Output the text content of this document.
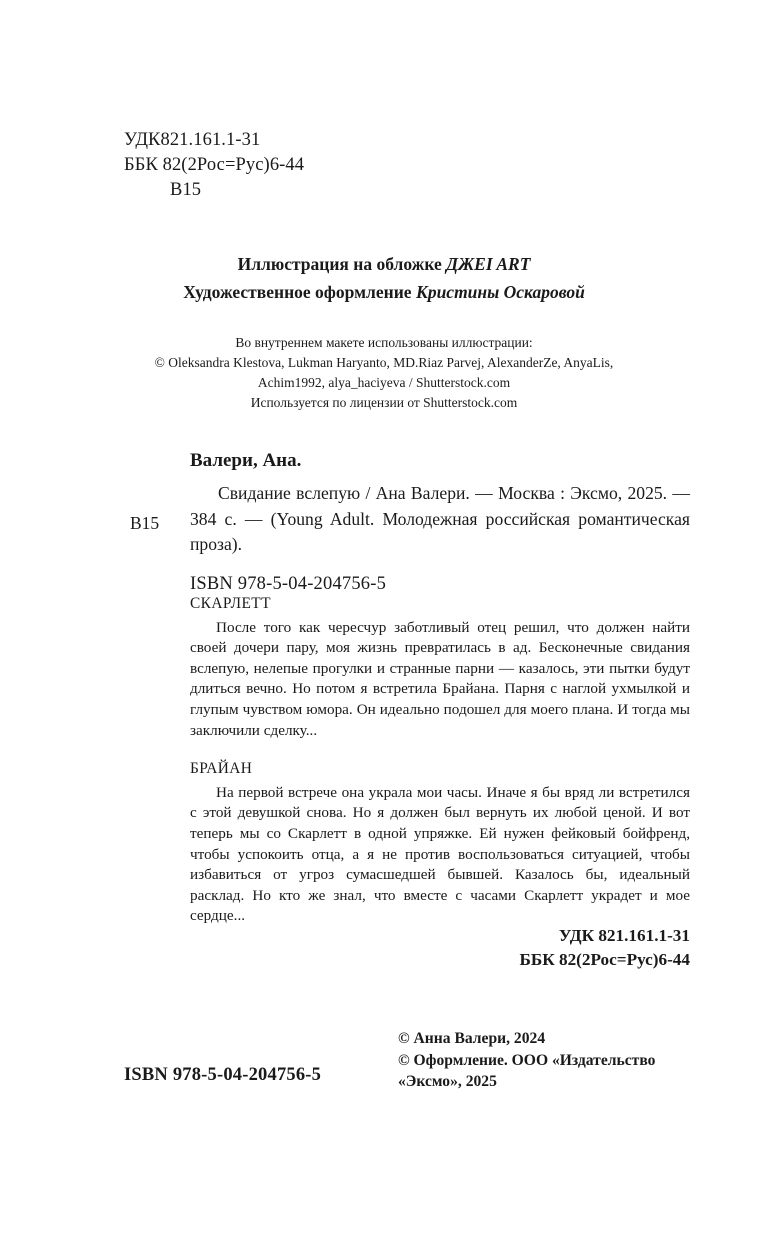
УДК821.161.1-31
ББК 82(2Рос=Рус)6-44
В15
Иллюстрация на обложке ДЖЕI ART
Художественное оформление Кристины Оскаровой
Во внутреннем макете использованы иллюстрации:
© Oleksandra Klestova, Lukman Haryanto, MD.Riaz Parvej, AlexanderZe, AnyaLis,
Achim1992, alya_haciyeva / Shutterstock.com
Используется по лицензии от Shutterstock.com
Валери, Ана.
В15
Свидание вслепую / Ана Валери. — Москва : Эксмо, 2025. — 384 с. — (Young Adult. Молодежная российская романтическая проза).
ISBN 978-5-04-204756-5
СКАРЛЕТТ

После того как чересчур заботливый отец решил, что должен найти своей дочери пару, моя жизнь превратилась в ад. Бесконечные свидания вслепую, нелепые прогулки и странные парни — казалось, эти пытки будут длиться вечно. Но потом я встретила Брайана. Парня с наглой ухмылкой и глупым чувством юмора. Он идеально подошел для моего плана. И тогда мы заключили сделку...

БРАЙАН

На первой встрече она украла мои часы. Иначе я бы вряд ли встретился с этой девушкой снова. Но я должен был вернуть их любой ценой. И вот теперь мы со Скарлетт в одной упряжке. Ей нужен фейковый бойфренд, чтобы успокоить отца, а я не против воспользоваться ситуацией, чтобы избавиться от угроз сумасшедшей бывшей. Казалось бы, идеальный расклад. Но кто же знал, что вместе с часами Скарлетт украдет и мое сердце...

УДК 821.161.1-31
ББК 82(2Рос=Рус)6-44
© Анна Валери, 2024
© Оформление. ООО «Издательство «Эксмо», 2025
ISBN 978-5-04-204756-5
